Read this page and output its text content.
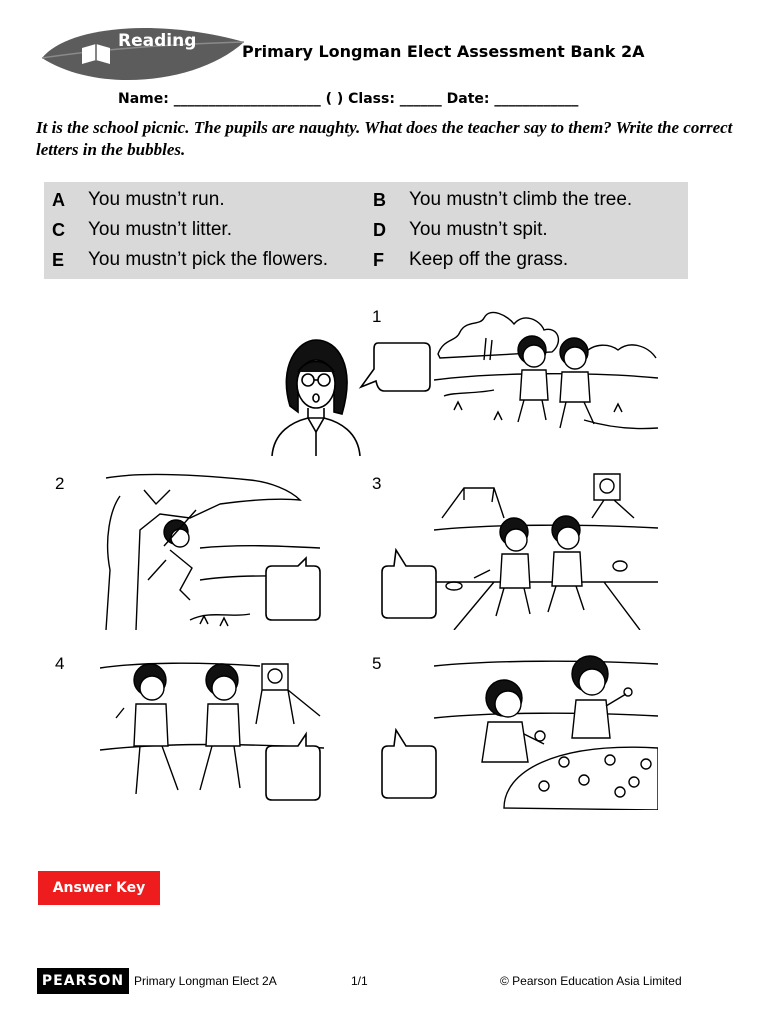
Reading
Primary Longman Elect Assessment Bank 2A
Name: _____________________ ( ) Class: ______ Date: ____________
It is the school picnic. The pupils are naughty. What does the teacher say to them? Write the correct letters in the bubbles.
A You mustn’t run.	B You mustn’t climb the tree.
C You mustn’t litter.	D You mustn’t spit.
E You mustn’t pick the flowers. F Keep off the grass.
1
2	3
4	5
Answer Key
PEARSON Primary Longman Elect 2A	1/1	© Pearson Education Asia Limited
